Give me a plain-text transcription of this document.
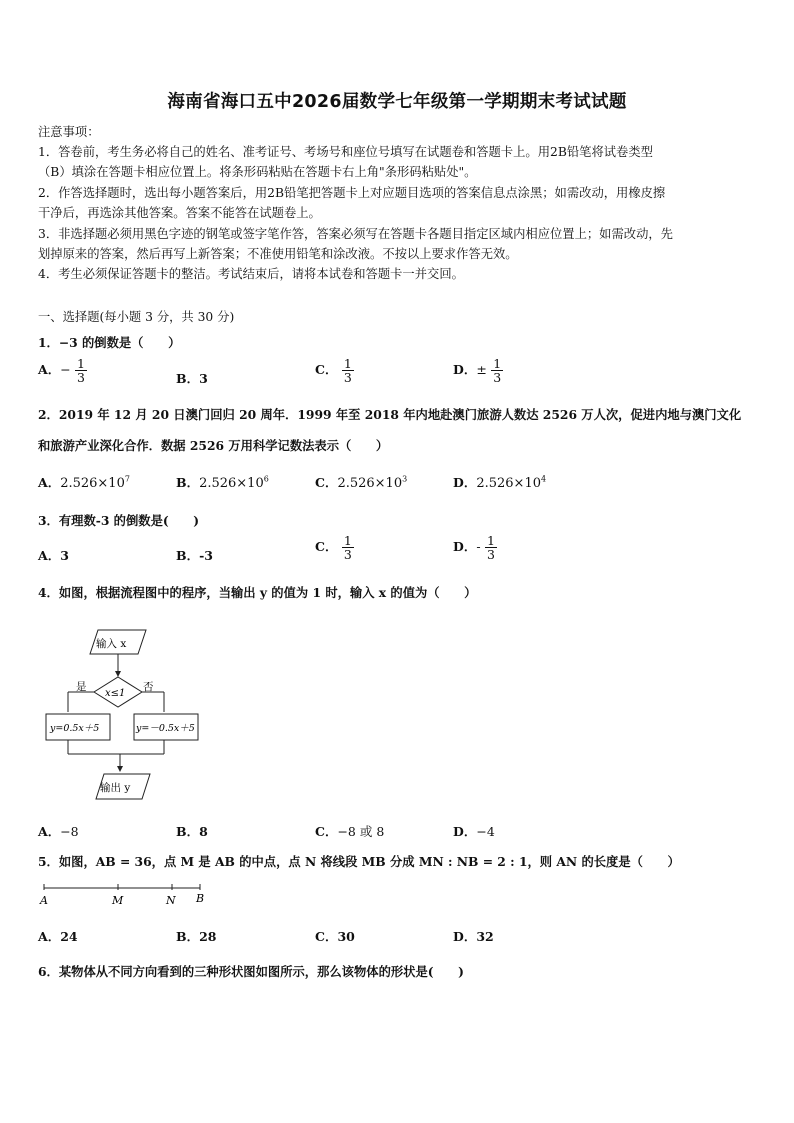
海南省海口五中2026届数学七年级第一学期期末考试试题
注意事项：
1．答卷前，考生务必将自己的姓名、准考证号、考场号和座位号填写在试题卷和答题卡上。用2B铅笔将试卷类型
（B）填涂在答题卡相应位置上。将条形码粘贴在答题卡右上角"条形码粘贴处"。
2．作答选择题时，选出每小题答案后，用2B铅笔把答题卡上对应题目选项的答案信息点涂黑；如需改动，用橡皮擦
干净后，再选涂其他答案。答案不能答在试题卷上。
3．非选择题必须用黑色字迹的钢笔或签字笔作答，答案必须写在答题卡各题目指定区域内相应位置上；如需改动，先
划掉原来的答案，然后再写上新答案；不准使用铅笔和涂改液。不按以上要求作答无效。
4．考生必须保证答题卡的整洁。考试结束后，请将本试卷和答题卡一并交回。
一、选择题(每小题 3 分，共 30 分)
1．−3 的倒数是（　　）
A．− $\frac{1}{3}$	B．3
C． $\frac{1}{3}$	D．± $\frac{1}{3}$
2．2019 年 12 月 20 日澳门回归 20 周年．1999 年至 2018 年内地赴澳门旅游人数达 2526 万人次，促进内地与澳门文化
和旅游产业深化合作．数据 2526 万用科学记数法表示（　　）
A．$2.526\times 10^7$	B．$2.526\times 10^6$	C．$2.526\times 10^3$	D．$2.526\times 10^4$
3．有理数-3 的倒数是(　　)
A．3	B．-3
C． $\frac{1}{3}$	D．- $\frac{1}{3}$
4．如图，根据流程图中的程序，当输出 y 的值为 1 时，输入 x 的值为（　　）
输入 x
x≤1
是	否
y=0.5x＋5	y=－0.5x＋5
输出 y
A．−8	B．8	C．−8 或 8	D．−4
5．如图，AB = 36，点 M 是 AB 的中点，点 N 将线段 MB 分成 MN : NB = 2 : 1，则 AN 的长度是（　　）
A	M	N B
A．24	B．28	C．30	D．32
6．某物体从不同方向看到的三种形状图如图所示，那么该物体的形状是(　　)
